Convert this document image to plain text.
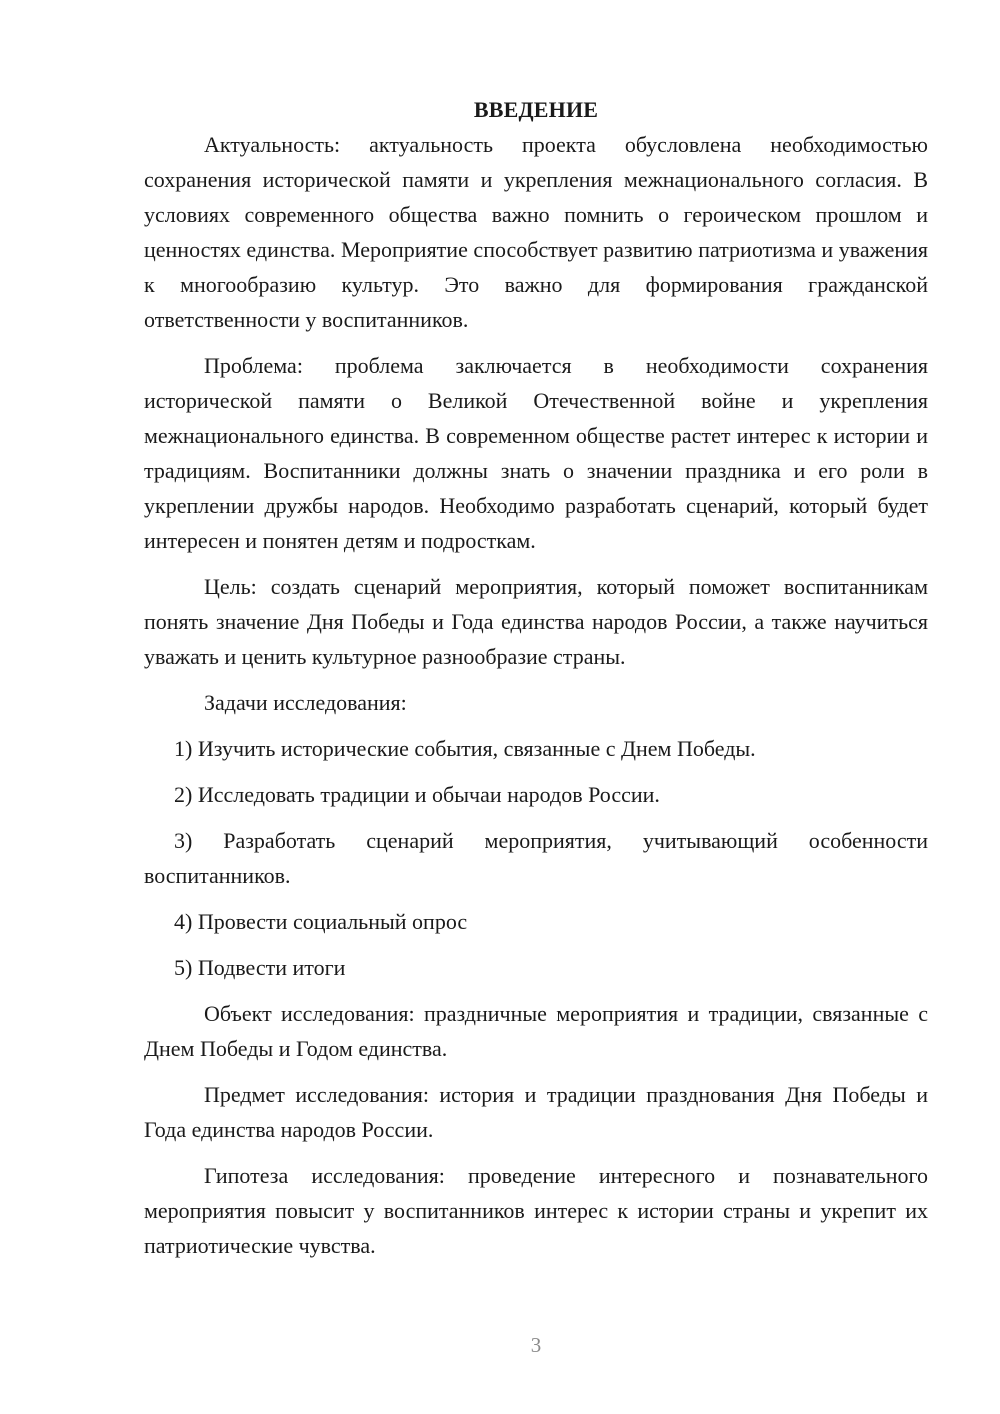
ВВЕДЕНИЕ

Актуальность: актуальность проекта обусловлена необходимостью сохранения исторической памяти и укрепления межнационального согласия. В условиях современного общества важно помнить о героическом прошлом и ценностях единства. Мероприятие способствует развитию патриотизма и уважения к многообразию культур. Это важно для формирования гражданской ответственности у воспитанников.

Проблема: проблема заключается в необходимости сохранения исторической памяти о Великой Отечественной войне и укрепления межнационального единства. В современном обществе растет интерес к истории и традициям. Воспитанники должны знать о значении праздника и его роли в укреплении дружбы народов. Необходимо разработать сценарий, который будет интересен и понятен детям и подросткам.

Цель: создать сценарий мероприятия, который поможет воспитанникам понять значение Дня Победы и Года единства народов России, а также научиться уважать и ценить культурное разнообразие страны.

Задачи исследования:

1) Изучить исторические события, связанные с Днем Победы.

2) Исследовать традиции и обычаи народов России.

3) Разработать сценарий мероприятия, учитывающий особенности воспитанников.

4) Провести социальный опрос

5) Подвести итоги

Объект исследования: праздничные мероприятия и традиции, связанные с Днем Победы и Годом единства.

Предмет исследования: история и традиции празднования Дня Победы и Года единства народов России.

Гипотеза исследования: проведение интересного и познавательного мероприятия повысит у воспитанников интерес к истории страны и укрепит их патриотические чувства.

3
